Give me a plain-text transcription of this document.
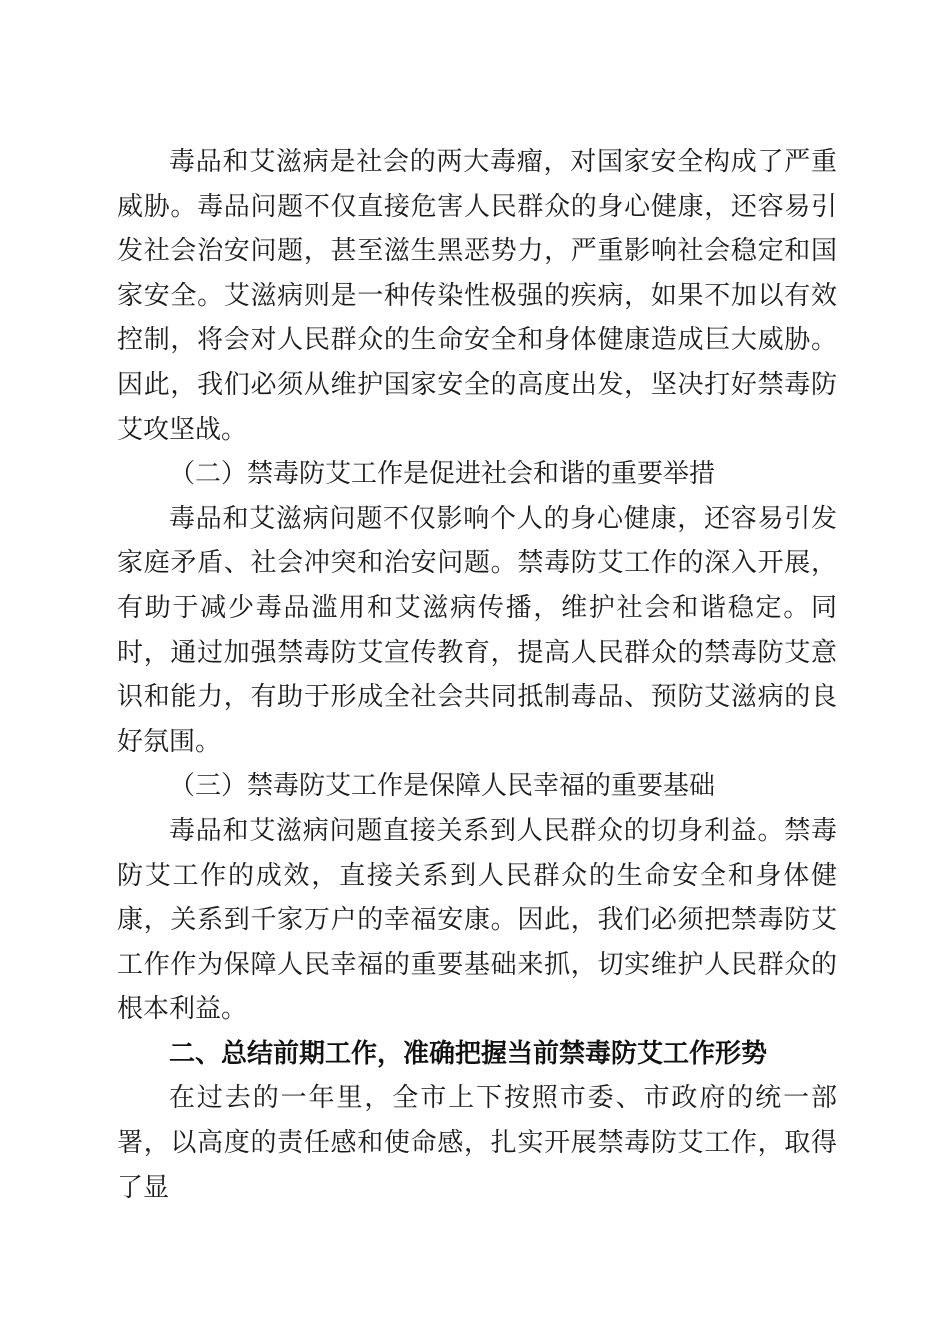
毒品和艾滋病是社会的两大毒瘤，对国家安全构成了严重威胁。毒品问题不仅直接危害人民群众的身心健康，还容易引发社会治安问题，甚至滋生黑恶势力，严重影响社会稳定和国家安全。艾滋病则是一种传染性极强的疾病，如果不加以有效控制，将会对人民群众的生命安全和身体健康造成巨大威胁。因此，我们必须从维护国家安全的高度出发，坚决打好禁毒防艾攻坚战。

（二）禁毒防艾工作是促进社会和谐的重要举措

毒品和艾滋病问题不仅影响个人的身心健康，还容易引发家庭矛盾、社会冲突和治安问题。禁毒防艾工作的深入开展，有助于减少毒品滥用和艾滋病传播，维护社会和谐稳定。同时，通过加强禁毒防艾宣传教育，提高人民群众的禁毒防艾意识和能力，有助于形成全社会共同抵制毒品、预防艾滋病的良好氛围。

（三）禁毒防艾工作是保障人民幸福的重要基础

毒品和艾滋病问题直接关系到人民群众的切身利益。禁毒防艾工作的成效，直接关系到人民群众的生命安全和身体健康，关系到千家万户的幸福安康。因此，我们必须把禁毒防艾工作作为保障人民幸福的重要基础来抓，切实维护人民群众的根本利益。

二、总结前期工作，准确把握当前禁毒防艾工作形势

在过去的一年里，全市上下按照市委、市政府的统一部署，以高度的责任感和使命感，扎实开展禁毒防艾工作，取得了显
